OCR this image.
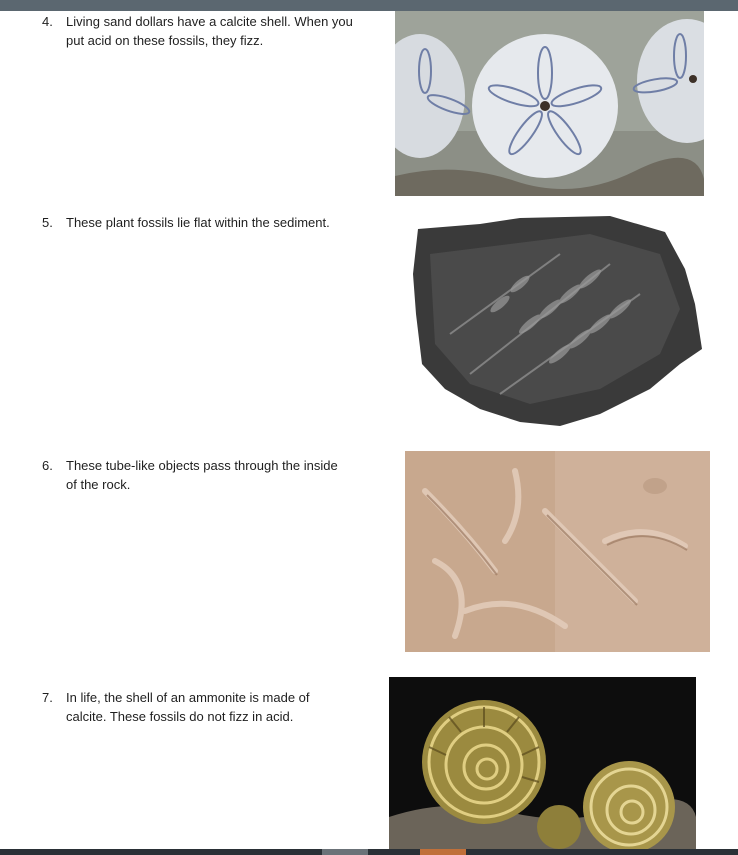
4.	Living sand dollars have a calcite shell. When you put acid on these fossils, they fizz.
5.	These plant fossils lie flat within the sediment.
6.	These tube-like objects pass through the inside of the rock.
7.	In life, the shell of an ammonite is made of calcite. These fossils do not fizz in acid.
